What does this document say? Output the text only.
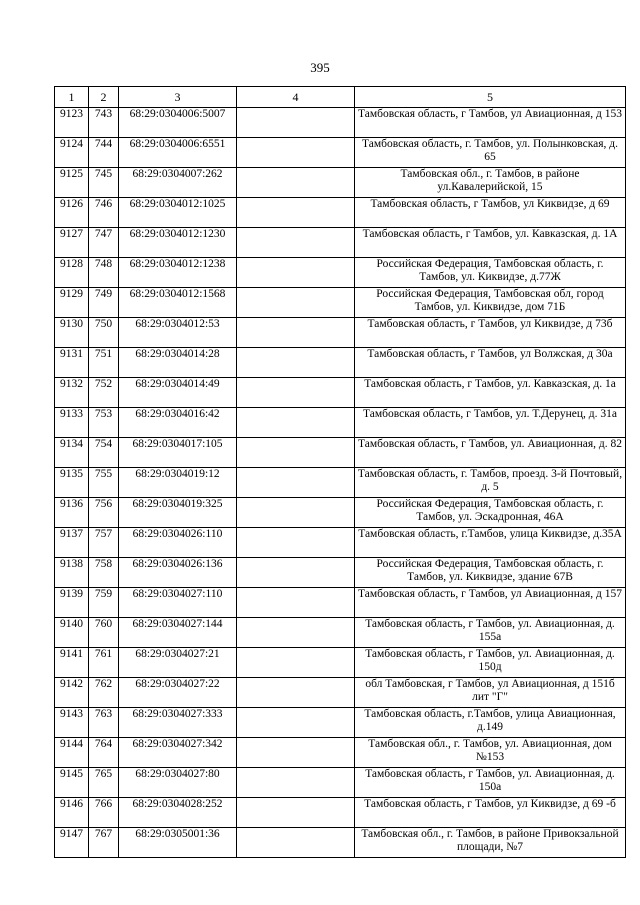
395
1	2	3	4	5
9123	743	68:29:0304006:5007		Тамбовская область, г Тамбов, ул Авиационная, д 153
9124	744	68:29:0304006:6551		Тамбовская область, г. Тамбов, ул. Полынковская, д. 65
9125	745	68:29:0304007:262		Тамбовская обл., г. Тамбов, в районе ул.Кавалерийской, 15
9126	746	68:29:0304012:1025		Тамбовская область, г Тамбов, ул Киквидзе, д 69
9127	747	68:29:0304012:1230		Тамбовская область, г Тамбов, ул. Кавказская, д. 1А
9128	748	68:29:0304012:1238		Российская Федерация, Тамбовская область, г. Тамбов, ул. Киквидзе, д.77Ж
9129	749	68:29:0304012:1568		Российская Федерация, Тамбовская обл, город Тамбов, ул. Киквидзе, дом 71Б
9130	750	68:29:0304012:53		Тамбовская область, г Тамбов, ул Киквидзе, д 73б
9131	751	68:29:0304014:28		Тамбовская область, г Тамбов, ул Волжская, д 30а
9132	752	68:29:0304014:49		Тамбовская область, г Тамбов, ул. Кавказская, д. 1а
9133	753	68:29:0304016:42		Тамбовская область, г Тамбов, ул. Т.Дерунец, д. 31а
9134	754	68:29:0304017:105		Тамбовская область, г Тамбов, ул. Авиационная, д. 82
9135	755	68:29:0304019:12		Тамбовская область, г. Тамбов, проезд. 3-й Почтовый, д. 5
9136	756	68:29:0304019:325		Российская Федерация, Тамбовская область, г. Тамбов, ул. Эскадронная, 46А
9137	757	68:29:0304026:110		Тамбовская область, г.Тамбов, улица Киквидзе, д.35А
9138	758	68:29:0304026:136		Российская Федерация, Тамбовская область, г. Тамбов, ул. Киквидзе, здание 67В
9139	759	68:29:0304027:110		Тамбовская область, г Тамбов, ул Авиационная, д 157
9140	760	68:29:0304027:144		Тамбовская область, г Тамбов, ул. Авиационная, д. 155а
9141	761	68:29:0304027:21		Тамбовская область, г Тамбов, ул. Авиационная, д. 150д
9142	762	68:29:0304027:22		обл Тамбовская, г Тамбов, ул Авиационная, д 151б лит "Г"
9143	763	68:29:0304027:333		Тамбовская область, г.Тамбов, улица Авиационная, д.149
9144	764	68:29:0304027:342		Тамбовская обл., г. Тамбов, ул. Авиационная, дом №153
9145	765	68:29:0304027:80		Тамбовская область, г Тамбов, ул. Авиационная, д. 150а
9146	766	68:29:0304028:252		Тамбовская область, г Тамбов, ул Киквидзе, д 69 -б
9147	767	68:29:0305001:36		Тамбовская обл., г. Тамбов, в районе Привокзальной площади, №7
